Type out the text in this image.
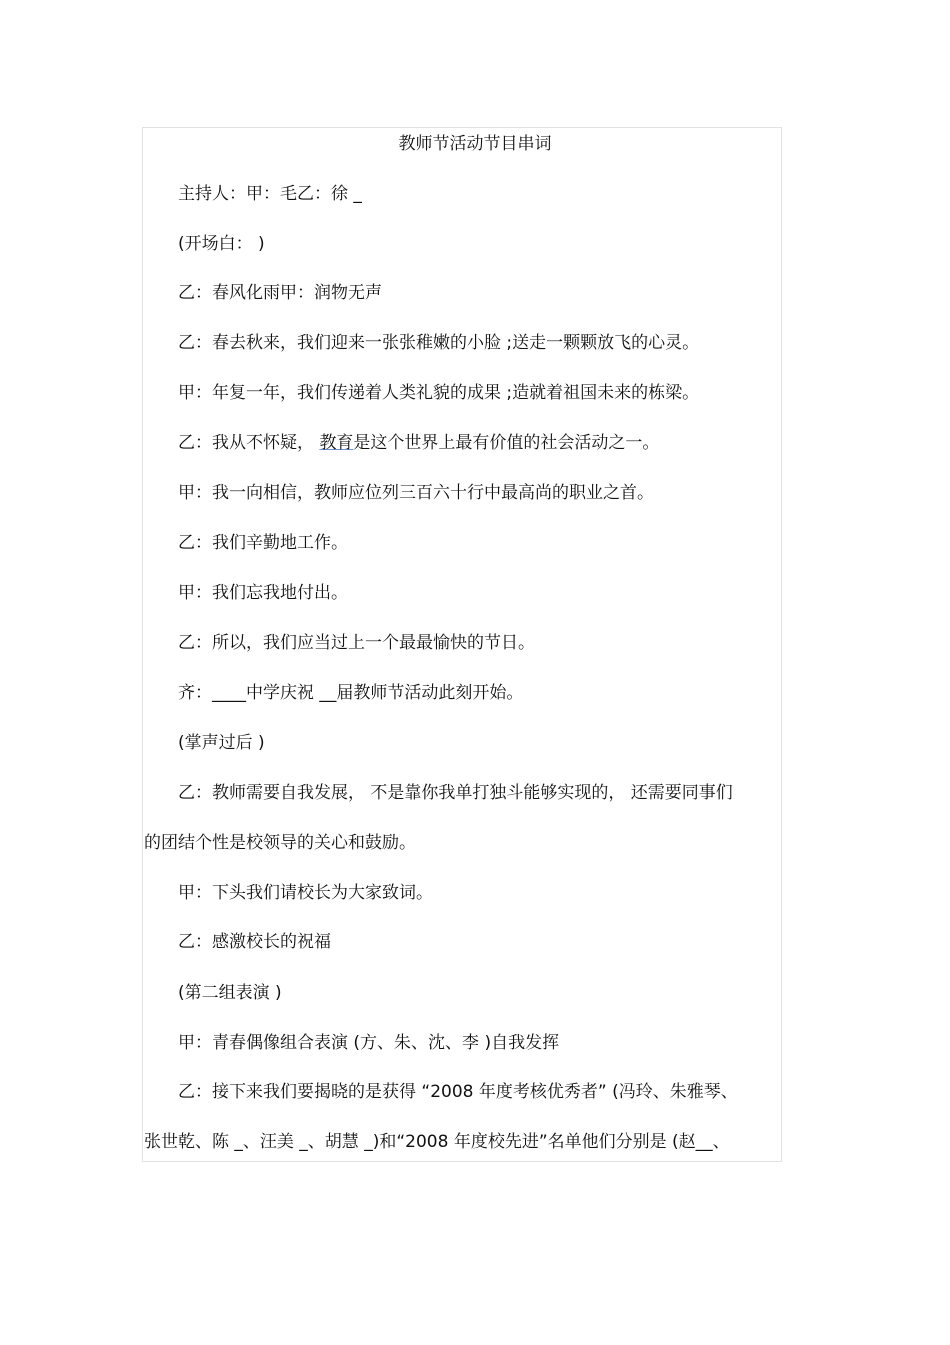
教师节活动节目串词
主持人：甲：毛乙：徐 _
(开场白： )
乙：春风化雨甲：润物无声
乙：春去秋来，我们迎来一张张稚嫩的小脸 ;送走一颗颗放飞的心灵。
甲：年复一年，我们传递着人类礼貌的成果 ;造就着祖国未来的栋梁。
乙：我从不怀疑， 教育是这个世界上最有价值的社会活动之一。
甲：我一向相信，教师应位列三百六十行中最高尚的职业之首。
乙：我们辛勤地工作。
甲：我们忘我地付出。
乙：所以，我们应当过上一个最最愉快的节日。
齐：____中学庆祝 __届教师节活动此刻开始。
(掌声过后 )
乙：教师需要自我发展， 不是靠你我单打独斗能够实现的， 还需要同事们
的团结个性是校领导的关心和鼓励。
甲：下头我们请校长为大家致词。
乙：感激校长的祝福
(第二组表演 )
甲：青春偶像组合表演 (方、朱、沈、李 )自我发挥
乙：接下来我们要揭晓的是获得 “2008 年度考核优秀者” (冯玲、朱雅琴、
张世乾、陈 _、汪美 _、胡慧 _)和“2008 年度校先进”名单他们分别是 (赵__、
